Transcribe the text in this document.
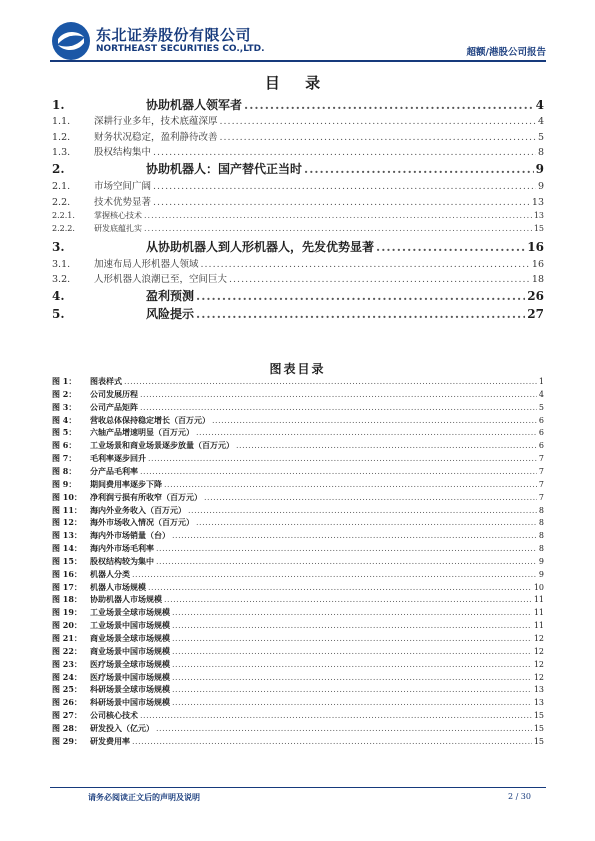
东北证券股份有限公司
NORTHEAST SECURITIES CO.,LTD.	超额/港股公司报告
目 录
1.	协助机器人领军者 .....	4
1.1.	深耕行业多年，技术底蕴深厚 .....	4
1.2.	财务状况稳定，盈利静待改善 .....	5
1.3.	股权结构集中 .....	8
2.	协助机器人：国产替代正当时 .....	9
2.1.	市场空间广阔 .....	9
2.2.	技术优势显著 .....	13
2.2.1.	掌握核心技术 .....	13
2.2.2.	研发底蕴扎实 .....	15
3.	从协助机器人到人形机器人，先发优势显著 .....	16
3.1.	加速布局人形机器人领域 .....	16
3.2.	人形机器人浪潮已至，空间巨大 .....	18
4.	盈利预测 .....	26
5.	风险提示 .....	27
图表目录
图 1：	图表样式 .....	1
图 2：	公司发展历程 .....	4
图 3：	公司产品矩阵 .....	5
图 4：	营收总体保持稳定增长（百万元） .....	6
图 5：	六轴产品增速明显（百万元） .....	6
图 6：	工业场景和商业场景逐步放量（百万元） .....	6
图 7：	毛利率逐步回升 .....	7
图 8：	分产品毛利率 .....	7
图 9：	期间费用率逐步下降 .....	7
图 10：	净利润亏损有所收窄（百万元） .....	7
图 11：	海内外业务收入（百万元） .....	8
图 12：	海外市场收入情况（百万元） .....	8
图 13：	海内外市场销量（台） .....	8
图 14：	海内外市场毛利率 .....	8
图 15：	股权结构较为集中 .....	9
图 16：	机器人分类 .....	9
图 17：	机器人市场规模 .....	10
图 18：	协助机器人市场规模 .....	11
图 19：	工业场景全球市场规模 .....	11
图 20：	工业场景中国市场规模 .....	11
图 21：	商业场景全球市场规模 .....	12
图 22：	商业场景中国市场规模 .....	12
图 23：	医疗场景全球市场规模 .....	12
图 24：	医疗场景中国市场规模 .....	12
图 25：	科研场景全球市场规模 .....	13
图 26：	科研场景中国市场规模 .....	13
图 27：	公司核心技术 .....	15
图 28：	研发投入（亿元） .....	15
图 29：	研发费用率 .....	15
请务必阅读正文后的声明及说明	2 / 30
